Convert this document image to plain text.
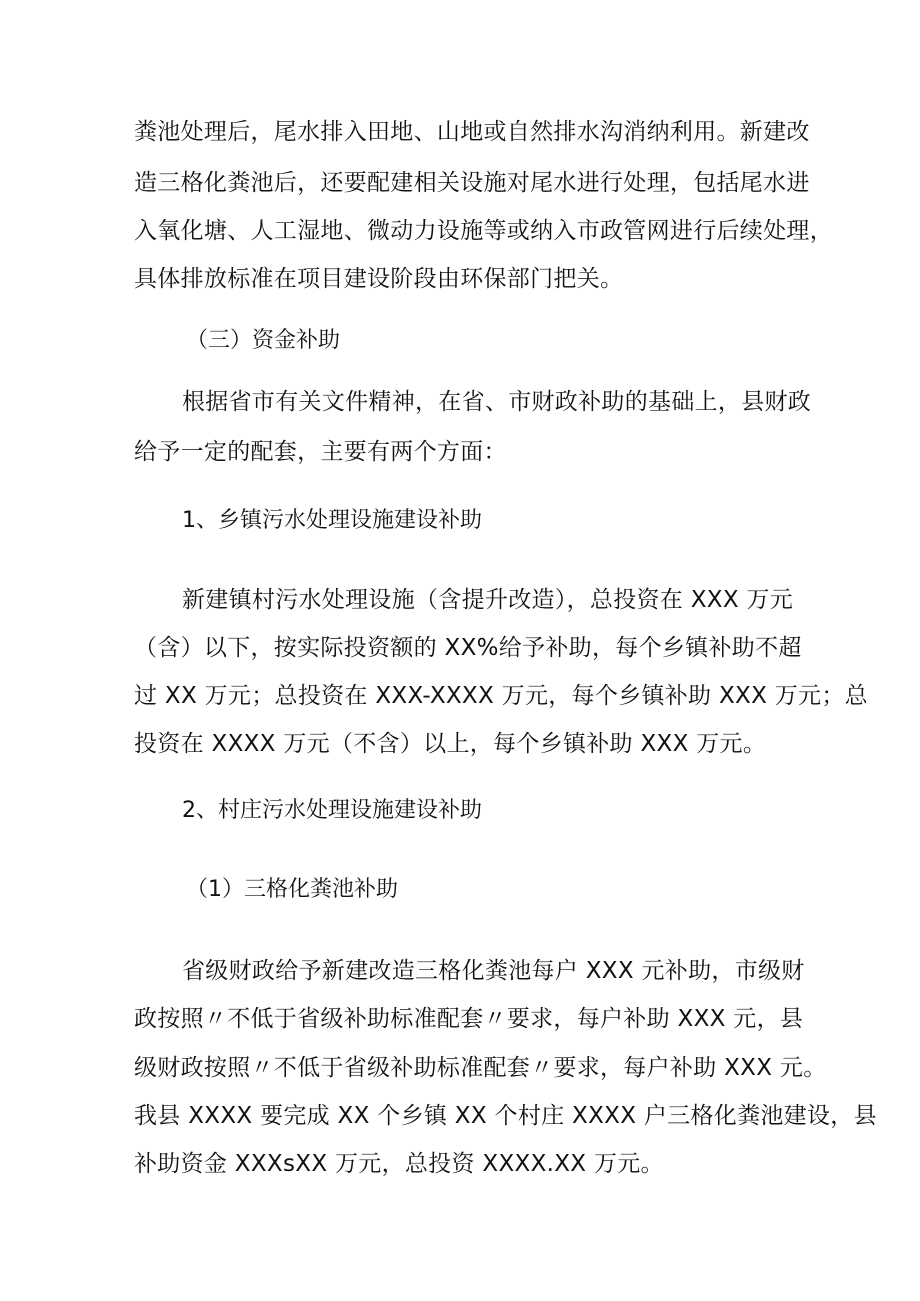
粪池处理后，尾水排入田地、山地或自然排水沟消纳利用。新建改
造三格化粪池后，还要配建相关设施对尾水进行处理，包括尾水进
入氧化塘、人工湿地、微动力设施等或纳入市政管网进行后续处理，
具体排放标准在项目建设阶段由环保部门把关。
（三）资金补助
根据省市有关文件精神，在省、市财政补助的基础上，县财政
给予一定的配套，主要有两个方面：
1、乡镇污水处理设施建设补助
新建镇村污水处理设施（含提升改造），总投资在 XXX 万元
（含）以下，按实际投资额的 XX%给予补助，每个乡镇补助不超
过 XX 万元；总投资在 XXX-XXXX 万元，每个乡镇补助 XXX 万元；总
投资在 XXXX 万元（不含）以上，每个乡镇补助 XXX 万元。
2、村庄污水处理设施建设补助
（1）三格化粪池补助
省级财政给予新建改造三格化粪池每户 XXX 元补助，市级财
政按照〃不低于省级补助标准配套〃要求，每户补助 XXX 元，县
级财政按照〃不低于省级补助标准配套〃要求，每户补助 XXX 元。
我县 XXXX 要完成 XX 个乡镇 XX 个村庄 XXXX 户三格化粪池建设，县
补助资金 XXXsXX 万元，总投资 XXXX.XX 万元。
